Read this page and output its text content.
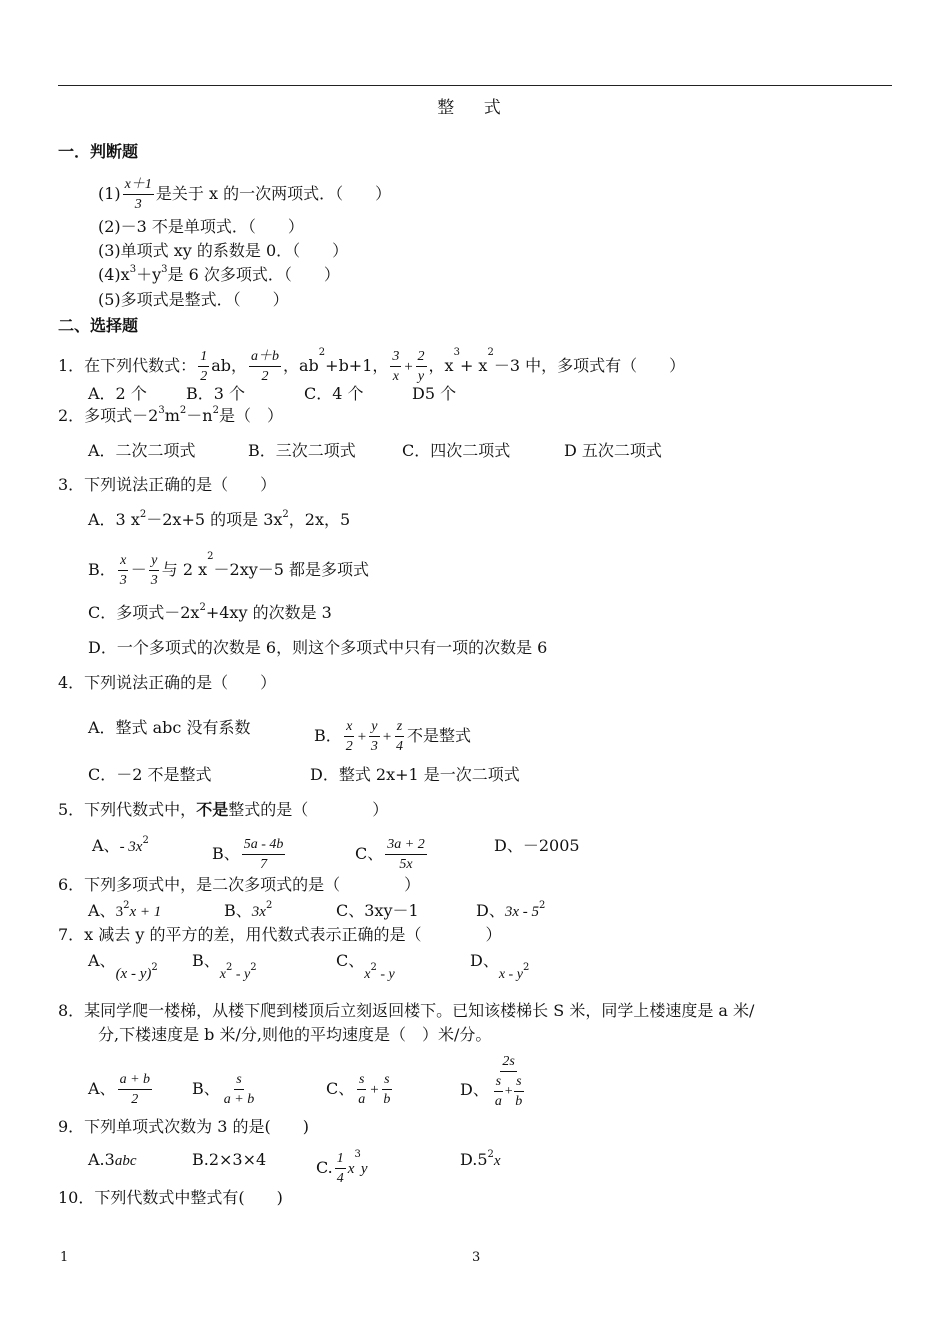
整 式
一．判断题
$(1) \frac{x+1}{3}$ 是关于 x 的一次两项式．（　　）
(2)－3 不是单项式．（　　）
(3)单项式 xy 的系数是 0．（　　）
$(4)x^3+y^3$是 6 次多项式．（　　）
(5)多项式是整式．（　　）
二、选择题
1．在下列代数式： $\frac{1}{2}$ ab， $\frac{a+b}{2}$ ，$ab^2+b+1$， $\frac{3}{x} + \frac{2}{y}$ ，$x^3+ x^2-3$ 中，多项式有（　　）
A．2 个 B．3 个	C．4 个	D5 个
2．多项式$-2^3m^2-n^2$是（　）
A．二次二项式	B．三次二项式	C．四次二项式	D 五次二项式
3．下列说法正确的是（　　）
A．3 $x^2-2x+5$ 的项是 $3x^2$，2x，5
B． $\frac{x}{3} - \frac{y}{3}$ 与 2 $x^2-2xy-5$ 都是多项式
C．多项式$-2x^2+4xy$ 的次数是 3
D．一个多项式的次数是 6，则这个多项式中只有一项的次数是 6
4．下列说法正确的是（　　）
A．整式 abc 没有系数	B． $\frac{x}{2} + \frac{y}{3} + \frac{z}{4}$ 不是整式
C．－2 不是整式	D．整式 2x+1 是一次二项式
5．下列代数式中，不是整式的是（　　　　）
A、- $3x^2$
B、 $\frac{5a - 4b}{7}$	C、 $\frac{3a + 2}{5x}$	D、－2005
6．下列多项式中，是二次多项式的是（　　　　）
A、$3^2x + 1$	B、$3x^2$	C、3xy－1	D、$3x - 5^2$
7．x 减去 y 的平方的差，用代数式表示正确的是（　　　　）
A、(x - y)$^2$ B、$x^2 - y^2$	C、$x^2$ - y
D、x - $y^2$
8．某同学爬一楼梯，从楼下爬到楼顶后立刻返回楼下。已知该楼梯长 S 米，同学上楼速度是 a 米/
分,下楼速度是 b 米/分,则他的平均速度是（　）米/分。
A、 $\frac{a + b}{2}$ B、 $\frac{s}{a + b}$	C、 $\frac{s}{a} + \frac{s}{b}$	D、 2s
s
a
+ $\frac{s}{b}$
9．下列单项式次数为 3 的是(　　)
A.3abc	B.2×3×4	C. $\frac{1}{4} x^3y$	$D.5^2x$
10．下列代数式中整式有(　　)
1	3
